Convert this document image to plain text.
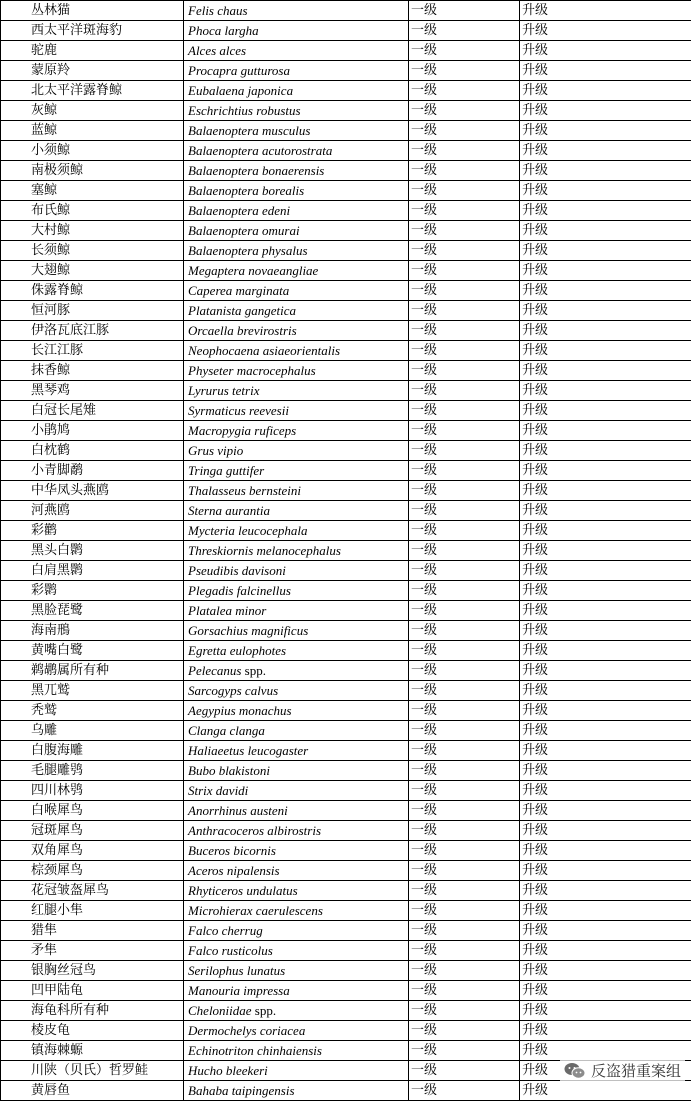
丛林猫	Felis chaus	一级	升级
西太平洋斑海豹	Phoca largha	一级	升级
驼鹿	Alces alces	一级	升级
蒙原羚	Procapra gutturosa	一级	升级
北太平洋露脊鲸	Eubalaena japonica	一级	升级
灰鲸	Eschrichtius robustus	一级	升级
蓝鲸	Balaenoptera musculus	一级	升级
小须鲸	Balaenoptera acutorostrata	一级	升级
南极须鲸	Balaenoptera bonaerensis	一级	升级
塞鲸	Balaenoptera borealis	一级	升级
布氏鲸	Balaenoptera edeni	一级	升级
大村鲸	Balaenoptera omurai	一级	升级
长须鲸	Balaenoptera physalus	一级	升级
大翅鲸	Megaptera novaeangliae	一级	升级
侏露脊鲸	Caperea marginata	一级	升级
恒河豚	Platanista gangetica	一级	升级
伊洛瓦底江豚	Orcaella brevirostris	一级	升级
长江江豚	Neophocaena asiaeorientalis	一级	升级
抹香鲸	Physeter macrocephalus	一级	升级
黑琴鸡	Lyrurus tetrix	一级	升级
白冠长尾雉	Syrmaticus reevesii	一级	升级
小鹃鸠	Macropygia ruficeps	一级	升级
白枕鹤	Grus vipio	一级	升级
小青脚鹬	Tringa guttifer	一级	升级
中华凤头燕鸥	Thalasseus bernsteini	一级	升级
河燕鸥	Sterna aurantia	一级	升级
彩鹳	Mycteria leucocephala	一级	升级
黑头白鹮	Threskiornis melanocephalus	一级	升级
白肩黑鹮	Pseudibis davisoni	一级	升级
彩鹮	Plegadis falcinellus	一级	升级
黑脸琵鹭	Platalea minor	一级	升级
海南鳽	Gorsachius magnificus	一级	升级
黄嘴白鹭	Egretta eulophotes	一级	升级
鹈鹕属所有种	Pelecanus spp.	一级	升级
黑兀鹫	Sarcogyps calvus	一级	升级
秃鹫	Aegypius monachus	一级	升级
乌雕	Clanga clanga	一级	升级
白腹海雕	Haliaeetus leucogaster	一级	升级
毛腿雕鸮	Bubo blakistoni	一级	升级
四川林鸮	Strix davidi	一级	升级
白喉犀鸟	Anorrhinus austeni	一级	升级
冠斑犀鸟	Anthracoceros albirostris	一级	升级
双角犀鸟	Buceros bicornis	一级	升级
棕颈犀鸟	Aceros nipalensis	一级	升级
花冠皱盔犀鸟	Rhyticeros undulatus	一级	升级
红腿小隼	Microhierax caerulescens	一级	升级
猎隼	Falco cherrug	一级	升级
矛隼	Falco rusticolus	一级	升级
银胸丝冠鸟	Serilophus lunatus	一级	升级
凹甲陆龟	Manouria impressa	一级	升级
海龟科所有种	Cheloniidae spp.	一级	升级
棱皮龟	Dermochelys coriacea	一级	升级
镇海棘螈	Echinotriton chinhaiensis	一级	升级
川陕（贝氏）哲罗鲑	Hucho bleekeri	一级	升级
黄唇鱼	Bahaba taipingensis	一级	升级
反盗猎重案组
